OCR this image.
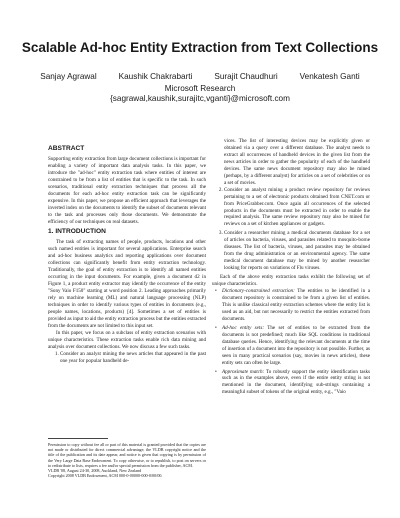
Scalable Ad-hoc Entity Extraction from Text Collections
Sanjay Agrawal	Kaushik Chakrabarti	Surajit Chaudhuri	Venkatesh Ganti
Microsoft Research
{sagrawal,kaushik,surajitc,vganti}@microsoft.com
ABSTRACT

Supporting entity extraction from large document collections is important for enabling a variety of important data analysis tasks. In this paper, we introduce the "ad-hoc" entity extraction task where entities of interest are constrained to be from a list of entities that is specific to the task. In such scenarios, traditional entity extraction techniques that process all the documents for each ad-hoc entity extraction task can be significantly expensive. In this paper, we propose an efficient approach that leverages the inverted index on the documents to identify the subset of documents relevant to the task and processes only those documents. We demonstrate the efficiency of our techniques on real datasets.

1. INTRODUCTION

The task of extracting names of people, products, locations and other such named entities is important for several applications. Enterprise search and ad-hoc business analytics and reporting applications over document collections can significantly benefit from entity extraction technology. Traditionally, the goal of entity extraction is to identify all named entities occurring in the input documents. For example, given a document d2 in Figure 1, a product entity extractor may identify the occurrence of the entity "Sony Vaio F150" starting at word position 2. Leading approaches primarily rely on machine learning (ML) and natural language processing (NLP) techniques in order to identify various types of entities in documents (e.g., people names, locations, products) [4]. Sometimes a set of entities is provided as input to aid the entity extraction process but the entities extracted from the documents are not limited to this input set.

In this paper, we focus on a subclass of entity extraction scenarios with unique characteristics. These extraction tasks enable rich data mining and analysis over document collections. We now discuss a few such tasks.

1. Consider an analyst mining the news articles that appeared in the past one year for popular handheld de-
Permission to copy without fee all or part of this material is granted provided that the copies are not made or distributed for direct commercial advantage, the VLDB copyright notice and the title of the publication and its date appear, and notice is given that copying is by permission of the Very Large Data Base Endowment. To copy otherwise, or to republish, to post on servers or to redistribute to lists, requires a fee and/or special permission from the publisher, ACM.
VLDB '08, August 24-30, 2008, Auckland, New Zealand
Copyright 2008 VLDB Endowment, ACM 000-0-00000-000-0/00/00.

vices. The list of interesting devices may be explicitly given or obtained via a query over a different database. The analyst needs to extract all occurrences of handheld devices in the given list from the news articles in order to gather the popularity of each of the handheld devices. The same news document repository may also be mined (perhaps, by a different analyst) for articles on a set of celebrities or on a set of movies.

2. Consider an analyst mining a product review repository for reviews pertaining to a set of electronic products obtained from CNET.com or from PriceGrabber.com. Once again all occurrences of the selected products in the documents must be extracted in order to enable the required analysis. The same review repository may also be mined for reviews on a set of kitchen appliances or gadgets.
3. Consider a researcher mining a medical documents database for a set of articles on bacteria, viruses, and parasites related to mosquito-borne diseases. The list of bacteria, viruses, and parasites may be obtained from the drug administration or an environmental agency. The same medical document database may be mined by another researcher looking for reports on variations of Flu viruses.

Each of the above entity extraction tasks exhibit the following set of unique characteristics.

• Dictionary-constrained extraction: The entities to be identified in a document repository is constrained to be from a given list of entities. This is unlike classical entity extraction schemes where the entity list is used as an aid, but not necessarily to restrict the entities extracted from documents.
• Ad-hoc entity sets: The set of entities to be extracted from the documents is not predefined; much like SQL conditions in traditional database queries. Hence, identifying the relevant documents at the time of insertion of a document into the repository is not possible. Further, as seen in many practical scenarios (say, movies in news articles), these entity sets can often be large.
• Approximate match: To robustly support the entity identification tasks such as in the examples above, even if the entire entity string is not mentioned in the document, identifying sub-strings containing a meaningful subset of tokens of the original entity, e.g., "Vaio
